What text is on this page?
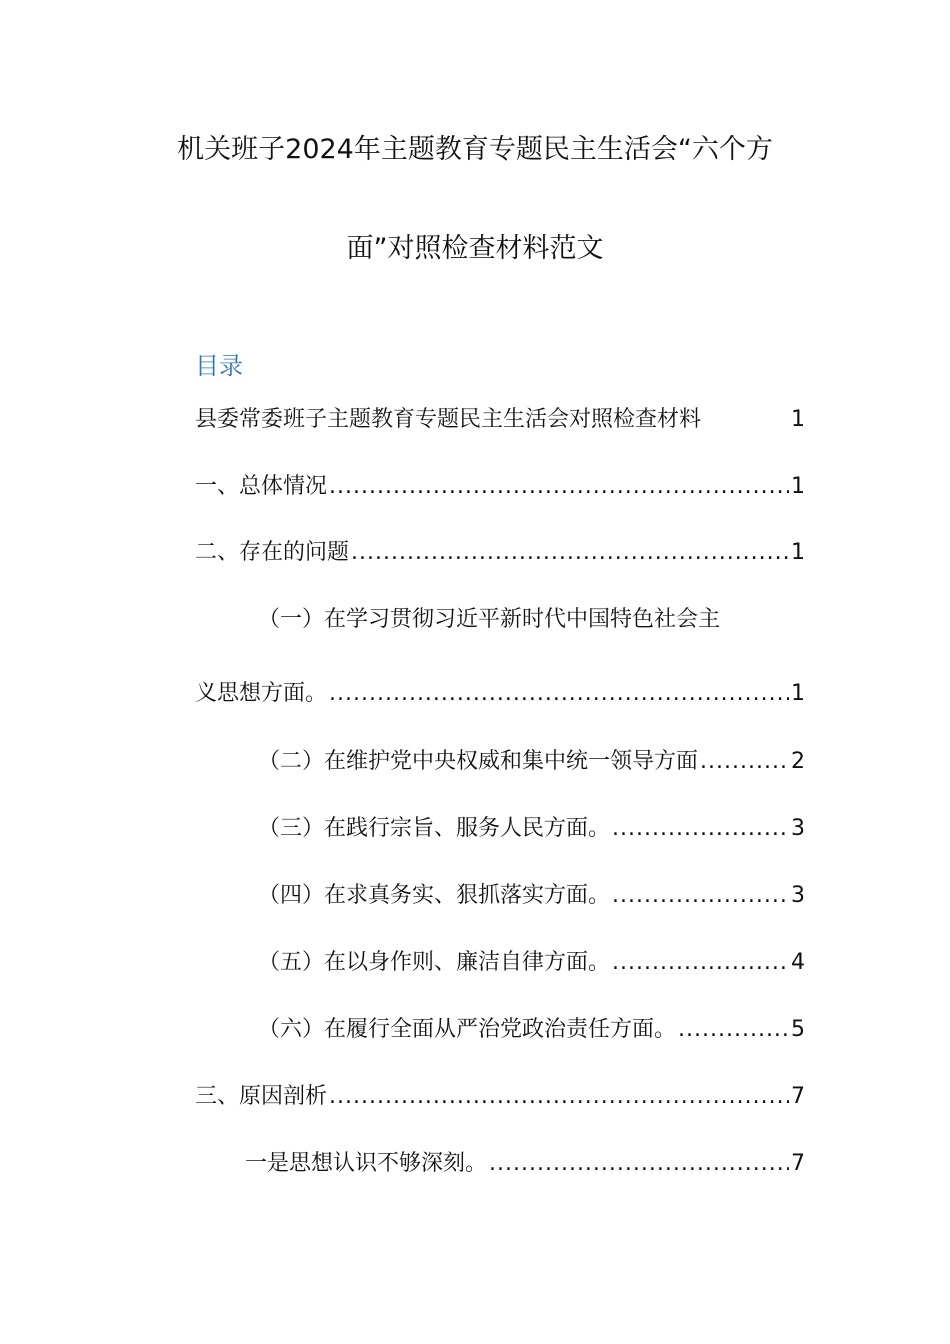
机关班子2024年主题教育专题民主生活会“六个方
面”对照检查材料范文
目录
县委常委班子主题教育专题民主生活会对照检查材料	1
一、总体情况 .....	1
二、存在的问题 .....	1
（一）在学习贯彻习近平新时代中国特色社会主
义思想方面。 .....	1
（二）在维护党中央权威和集中统一领导方面 .....	2
（三）在践行宗旨、服务人民方面。 .....	3
（四）在求真务实、狠抓落实方面。 .....	3
（五）在以身作则、廉洁自律方面。 .....	4
（六）在履行全面从严治党政治责任方面。 .....	5
三、原因剖析 .....	7
一是思想认识不够深刻。 .....	7
